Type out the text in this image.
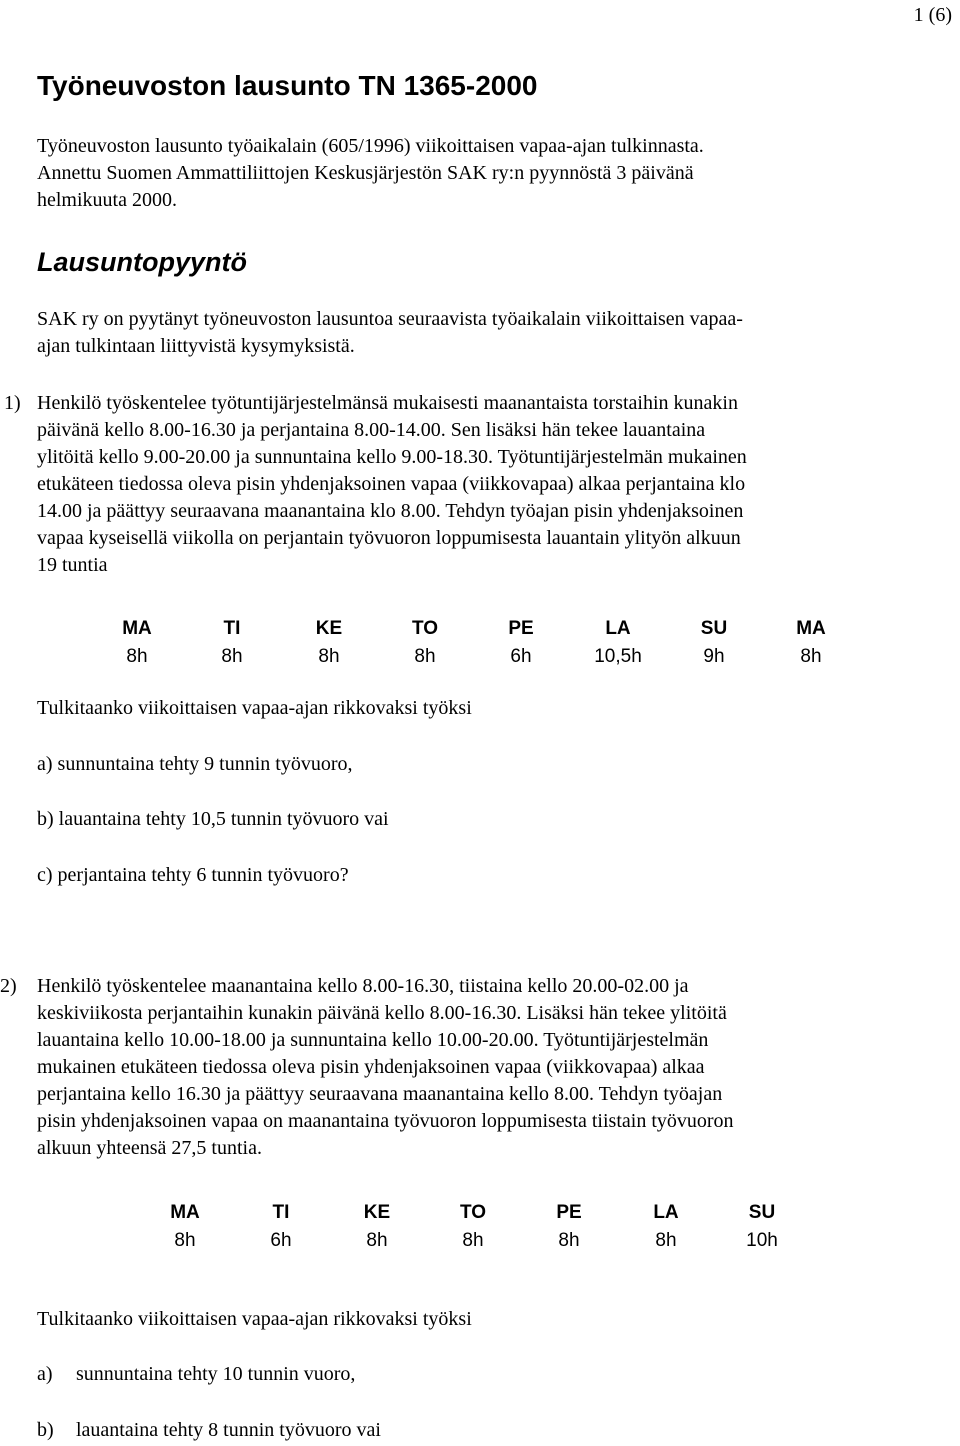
1 (6)
Työneuvoston lausunto TN 1365-2000
Työneuvoston lausunto työaikalain (605/1996) viikoittaisen vapaa-ajan tulkinnasta.
Annettu Suomen Ammattiliittojen Keskusjärjestön SAK ry:n pyynnöstä 3 päivänä
helmikuuta 2000.
Lausuntopyyntö
SAK ry on pyytänyt työneuvoston lausuntoa seuraavista työaikalain viikoittaisen vapaa-
ajan tulkintaan liittyvistä kysymyksistä.
1) Henkilö työskentelee työtuntijärjestelmänsä mukaisesti maanantaista torstaihin kunakin
päivänä kello 8.00-16.30 ja perjantaina 8.00-14.00. Sen lisäksi hän tekee lauantaina
ylitöitä kello 9.00-20.00 ja sunnuntaina kello 9.00-18.30. Työtuntijärjestelmän mukainen
etukäteen tiedossa oleva pisin yhdenjaksoinen vapaa (viikkovapaa) alkaa perjantaina klo
14.00 ja päättyy seuraavana maanantaina klo 8.00. Tehdyn työajan pisin yhdenjaksoinen
vapaa kyseisellä viikolla on perjantain työvuoron loppumisesta lauantain ylityön alkuun
19 tuntia
MA	TI	KE	TO	PE	LA	SU	MA
8h	8h	8h	8h	6h	10,5h	9h	8h
Tulkitaanko viikoittaisen vapaa-ajan rikkovaksi työksi
a) sunnuntaina tehty 9 tunnin työvuoro,
b) lauantaina tehty 10,5 tunnin työvuoro vai
c) perjantaina tehty 6 tunnin työvuoro?
2) Henkilö työskentelee maanantaina kello 8.00-16.30, tiistaina kello 20.00-02.00 ja
keskiviikosta perjantaihin kunakin päivänä kello 8.00-16.30. Lisäksi hän tekee ylitöitä
lauantaina kello 10.00-18.00 ja sunnuntaina kello 10.00-20.00. Työtuntijärjestelmän
mukainen etukäteen tiedossa oleva pisin yhdenjaksoinen vapaa (viikkovapaa) alkaa
perjantaina kello 16.30 ja päättyy seuraavana maanantaina kello 8.00. Tehdyn työajan
pisin yhdenjaksoinen vapaa on maanantaina työvuoron loppumisesta tiistain työvuoron
alkuun yhteensä 27,5 tuntia.
MA	TI	KE	TO	PE	LA	SU
8h	6h	8h	8h	8h	8h	10h
Tulkitaanko viikoittaisen vapaa-ajan rikkovaksi työksi
a) sunnuntaina tehty 10 tunnin vuoro,
b) lauantaina tehty 8 tunnin työvuoro vai
